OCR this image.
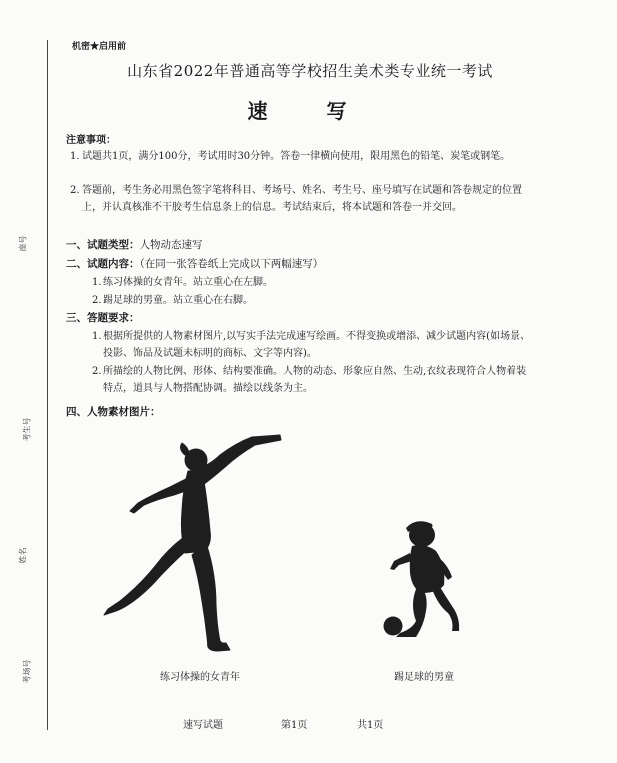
座号
考生号
姓名
考场号
机密★启用前
山东省2022年普通高等学校招生美术类专业统一考试
速 写
注意事项：
1. 试题共1页，满分100分，考试用时30分钟。答卷一律横向使用，限用黑色的铅笔、炭笔或钢笔。
2. 答题前，考生务必用黑色签字笔将科目、考场号、姓名、考生号、座号填写在试题和答卷规定的位置上，并认真核准不干胶考生信息条上的信息。考试结束后，将本试题和答卷一并交回。
一、试题类型：人物动态速写
二、试题内容：（在同一张答卷纸上完成以下两幅速写）
1. 练习体操的女青年。站立重心在左脚。
2. 踢足球的男童。站立重心在右脚。
三、答题要求：
1. 根据所提供的人物素材图片,以写实手法完成速写绘画。不得变换或增添、减少试题内容(如场景、投影、饰品及试题未标明的商标、文字等内容)。
2. 所描绘的人物比例、形体、结构要准确。人物的动态、形象应自然、生动,衣纹表现符合人物着装特点，道具与人物搭配协调。描绘以线条为主。
四、人物素材图片：
练习体操的女青年	踢足球的男童
速写试题	第1页	共1页
